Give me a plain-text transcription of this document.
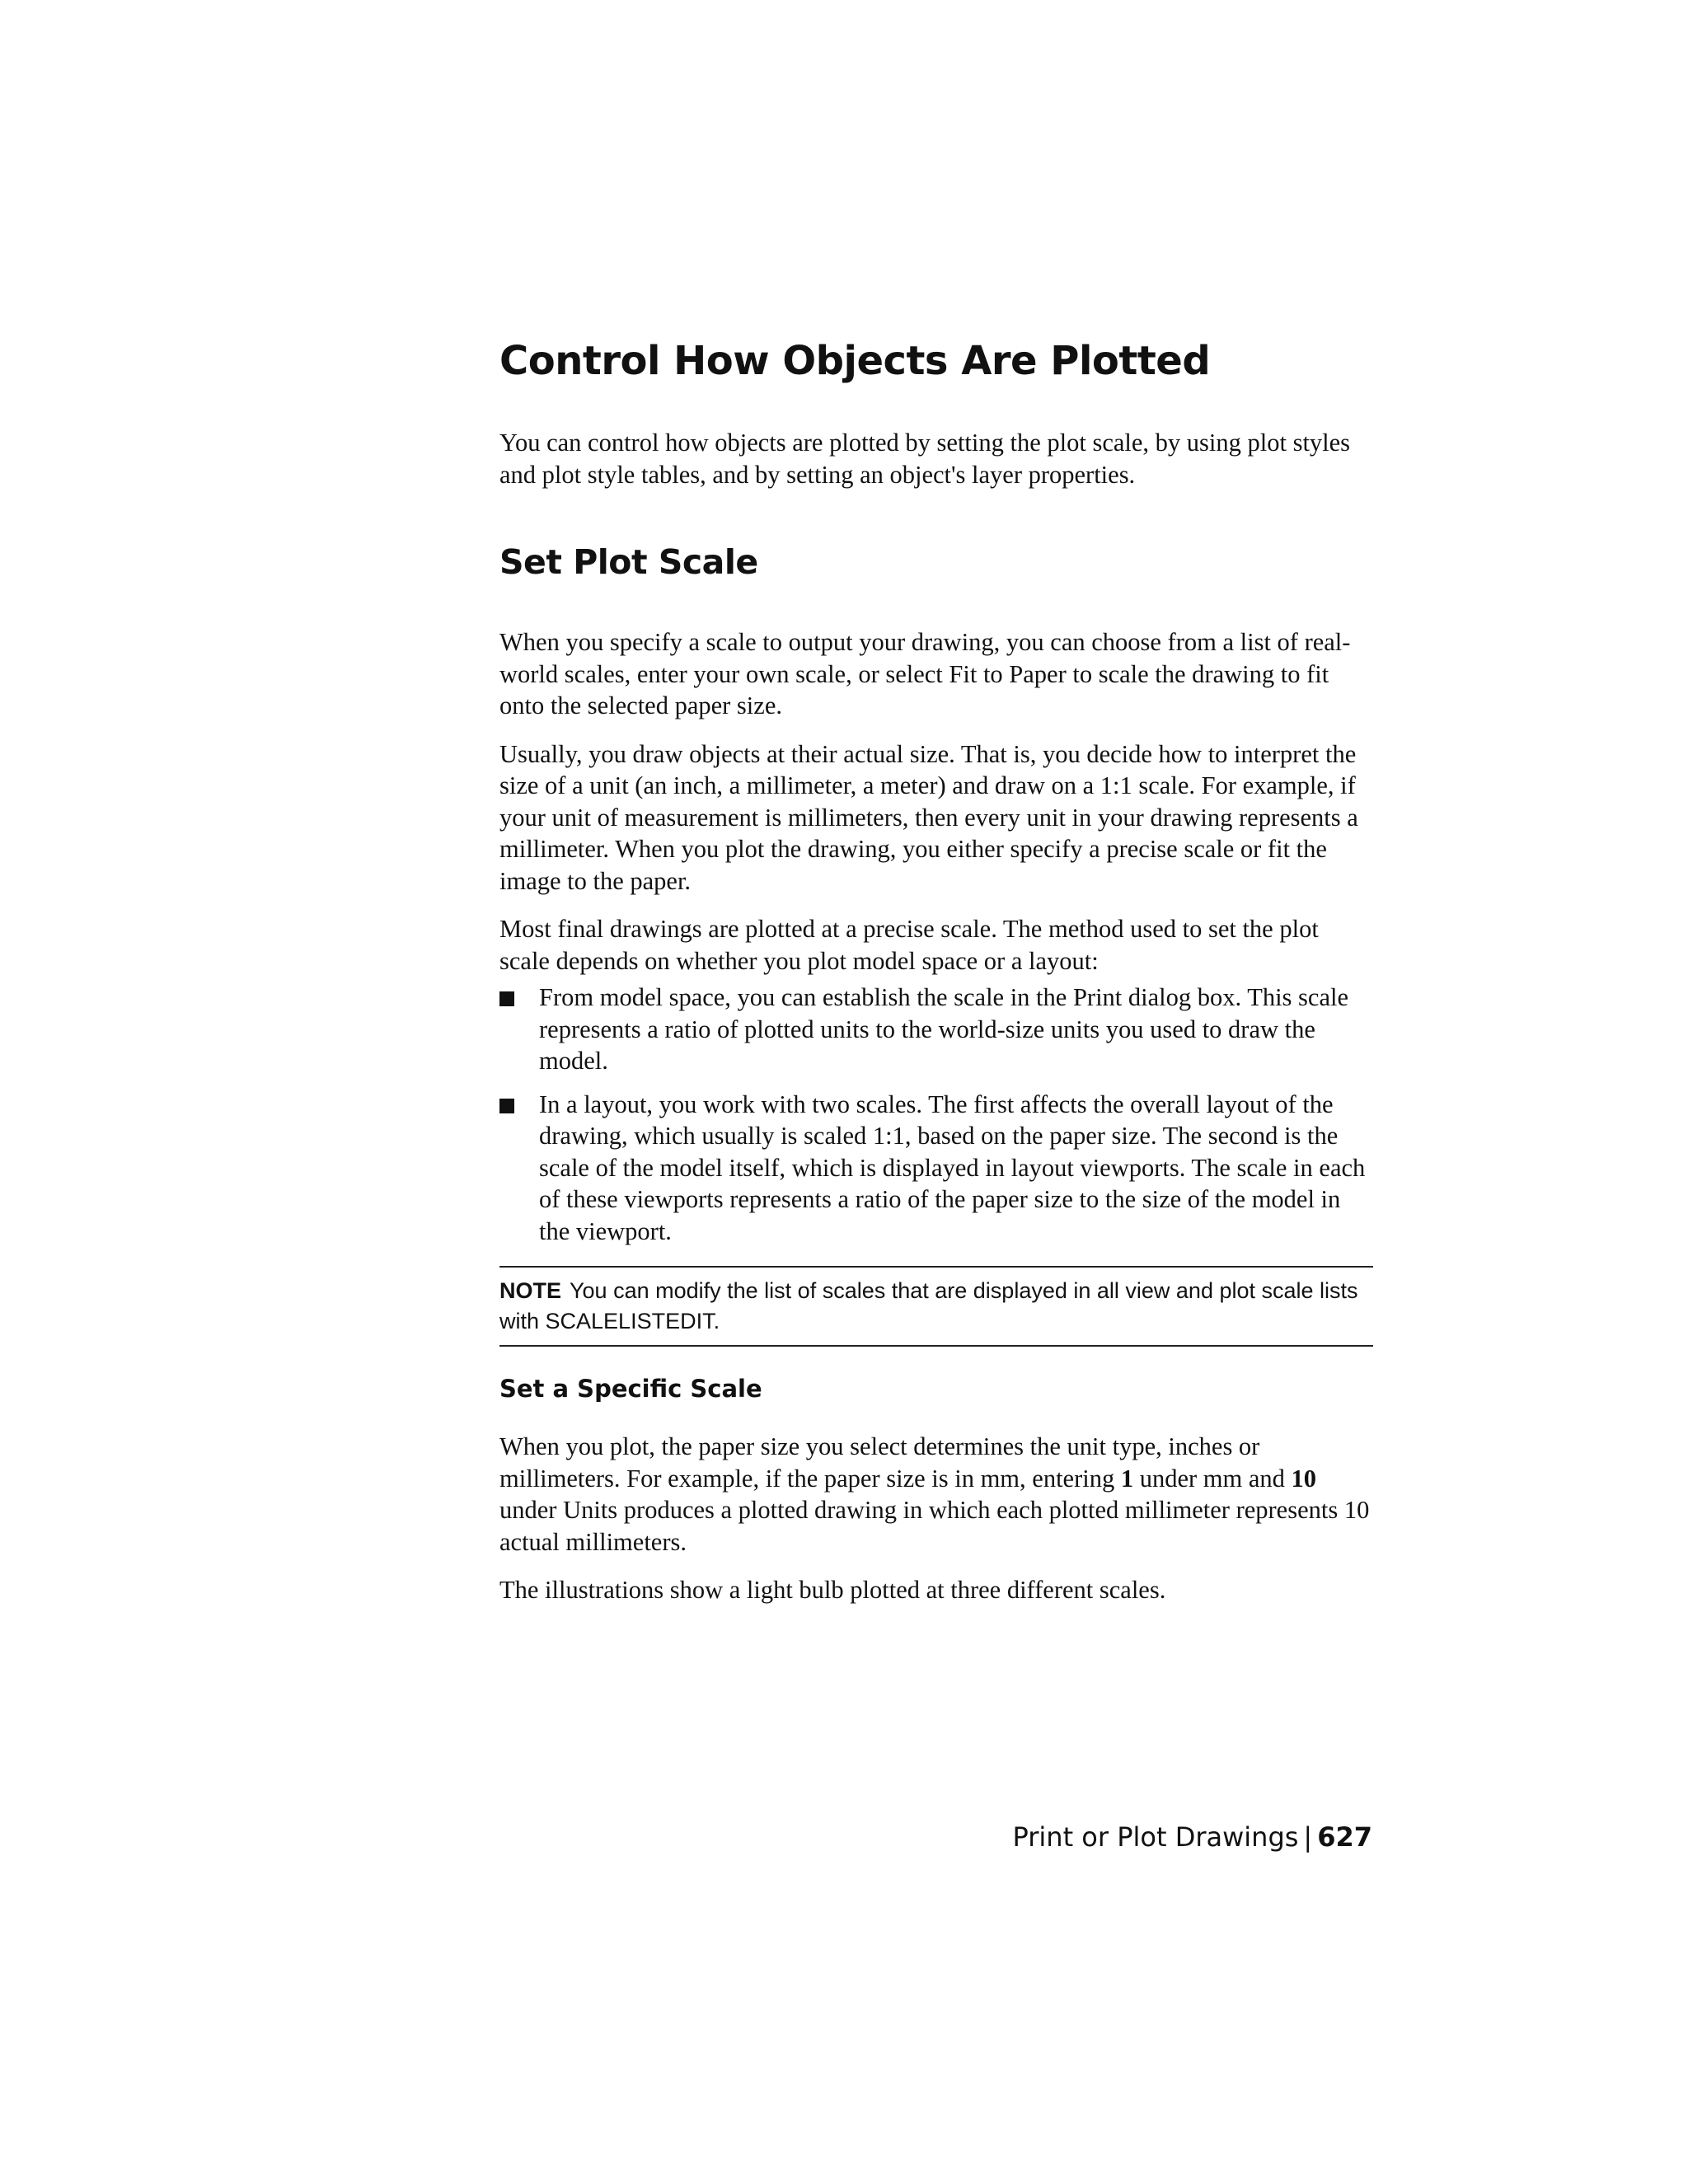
Control How Objects Are Plotted

You can control how objects are plotted by setting the plot scale, by using plot styles and plot style tables, and by setting an object's layer properties.

Set Plot Scale

When you specify a scale to output your drawing, you can choose from a list of real-world scales, enter your own scale, or select Fit to Paper to scale the drawing to fit onto the selected paper size.

Usually, you draw objects at their actual size. That is, you decide how to interpret the size of a unit (an inch, a millimeter, a meter) and draw on a 1:1 scale. For example, if your unit of measurement is millimeters, then every unit in your drawing represents a millimeter. When you plot the drawing, you either specify a precise scale or fit the image to the paper.

Most final drawings are plotted at a precise scale. The method used to set the plot scale depends on whether you plot model space or a layout:

From model space, you can establish the scale in the Print dialog box. This scale represents a ratio of plotted units to the world-size units you used to draw the model.
In a layout, you work with two scales. The first affects the overall layout of the drawing, which usually is scaled 1:1, based on the paper size. The second is the scale of the model itself, which is displayed in layout viewports. The scale in each of these viewports represents a ratio of the paper size to the size of the model in the viewport.

NOTE You can modify the list of scales that are displayed in all view and plot scale lists with SCALELISTEDIT.

Set a Specific Scale

When you plot, the paper size you select determines the unit type, inches or millimeters. For example, if the paper size is in mm, entering 1 under mm and 10 under Units produces a plotted drawing in which each plotted millimeter represents 10 actual millimeters.

The illustrations show a light bulb plotted at three different scales.

Print or Plot Drawings | 627
